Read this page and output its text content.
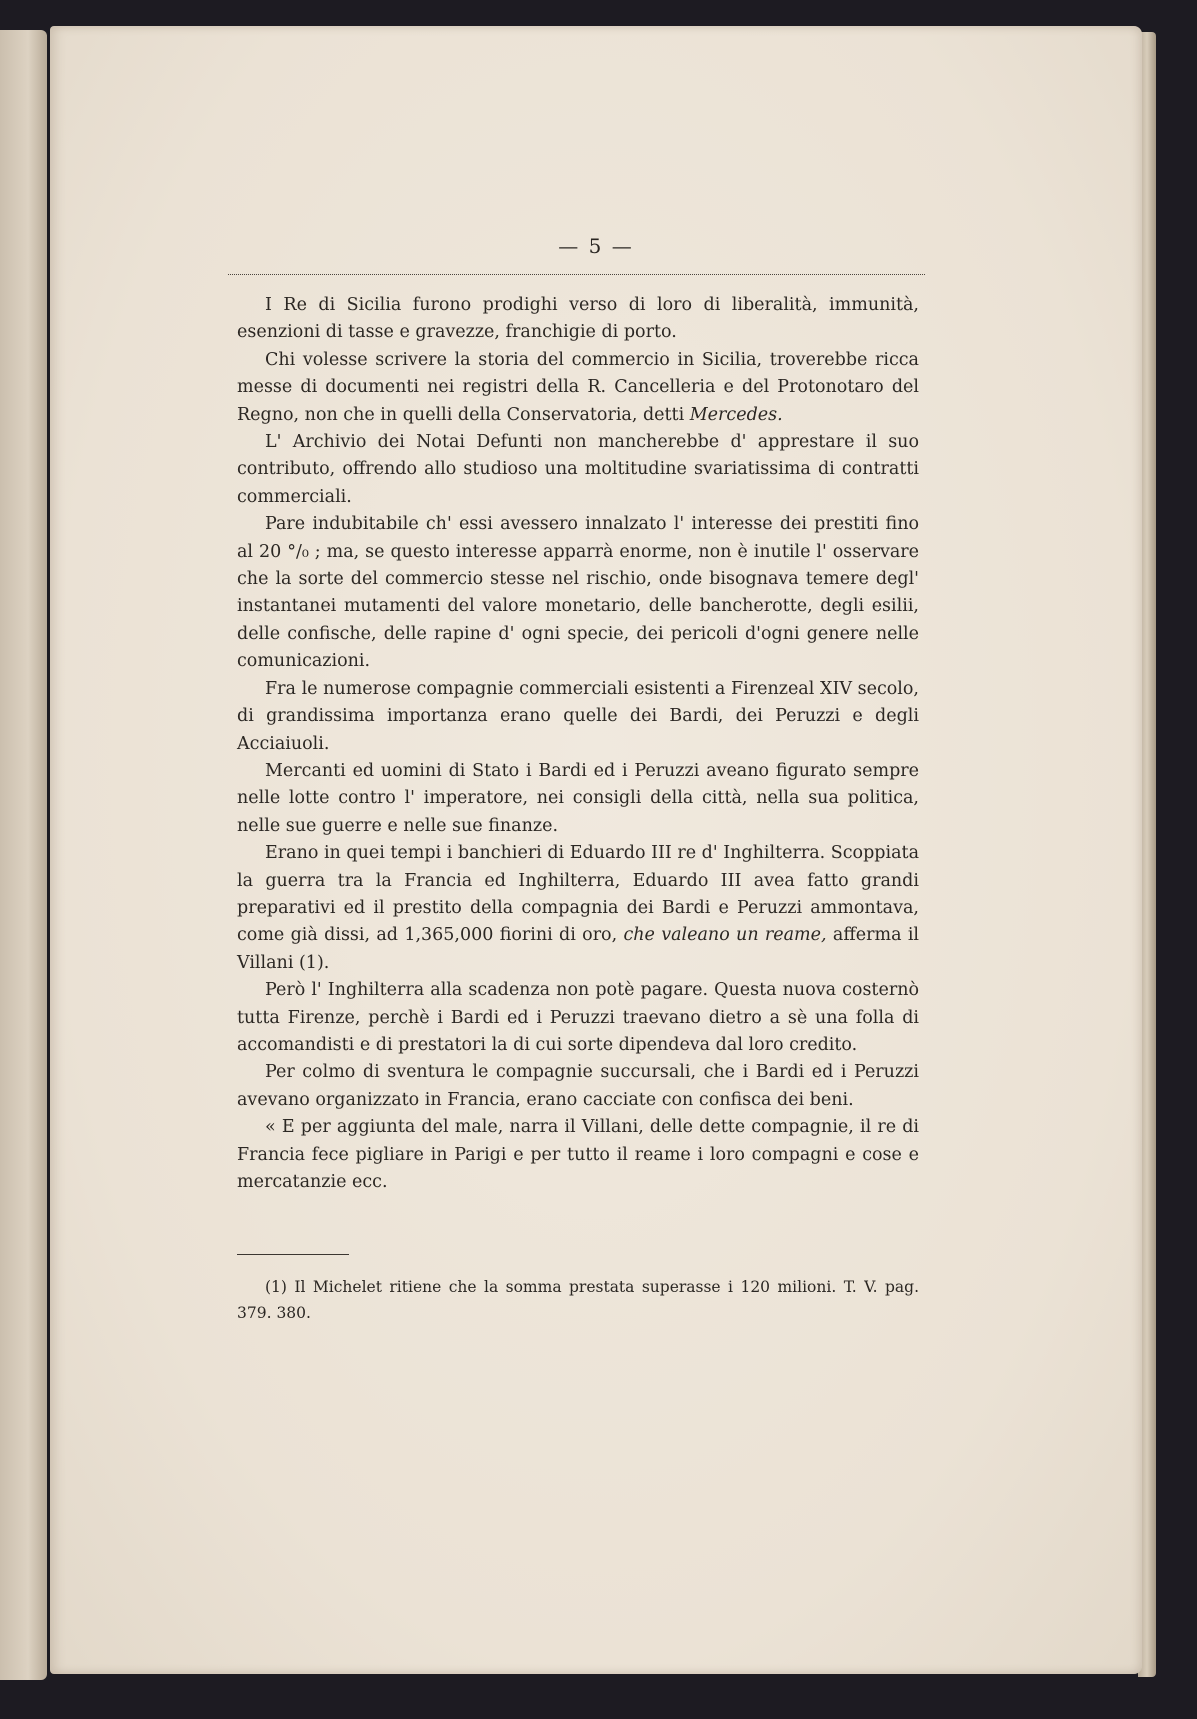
— 5 —

I Re di Sicilia furono prodighi verso di loro di liberalità, immunità, esenzioni di tasse e gravezze, franchigie di porto.

Chi volesse scrivere la storia del commercio in Sicilia, troverebbe ricca messe di documenti nei registri della R. Cancelleria e del Protonotaro del Regno, non che in quelli della Conservatoria, detti Mercedes.

L' Archivio dei Notai Defunti non mancherebbe d' apprestare il suo contributo, offrendo allo studioso una moltitudine svariatissima di contratti commerciali.

Pare indubitabile ch' essi avessero innalzato l' interesse dei prestiti fino al 20 °/₀ ; ma, se questo interesse apparrà enorme, non è inutile l' osservare che la sorte del commercio stesse nel rischio, onde bisognava temere degl' instantanei mutamenti del valore monetario, delle bancherotte, degli esilii, delle confische, delle rapine d' ogni specie, dei pericoli d'ogni genere nelle comunicazioni.

Fra le numerose compagnie commerciali esistenti a Firenzeal XIV secolo, di grandissima importanza erano quelle dei Bardi, dei Peruzzi e degli Acciaiuoli.

Mercanti ed uomini di Stato i Bardi ed i Peruzzi aveano figurato sempre nelle lotte contro l' imperatore, nei consigli della città, nella sua politica, nelle sue guerre e nelle sue finanze.

Erano in quei tempi i banchieri di Eduardo III re d' Inghilterra. Scoppiata la guerra tra la Francia ed Inghilterra, Eduardo III avea fatto grandi preparativi ed il prestito della compagnia dei Bardi e Peruzzi ammontava, come già dissi, ad 1,365,000 fiorini di oro, che valeano un reame, afferma il Villani (1).

Però l' Inghilterra alla scadenza non potè pagare. Questa nuova costernò tutta Firenze, perchè i Bardi ed i Peruzzi traevano dietro a sè una folla di accomandisti e di prestatori la di cui sorte dipendeva dal loro credito.

Per colmo di sventura le compagnie succursali, che i Bardi ed i Peruzzi avevano organizzato in Francia, erano cacciate con confisca dei beni.

« E per aggiunta del male, narra il Villani, delle dette compagnie, il re di Francia fece pigliare in Parigi e per tutto il reame i loro compagni e cose e mercatanzie ecc.

(1) Il Michelet ritiene che la somma prestata superasse i 120 milioni. T. V. pag. 379. 380.
